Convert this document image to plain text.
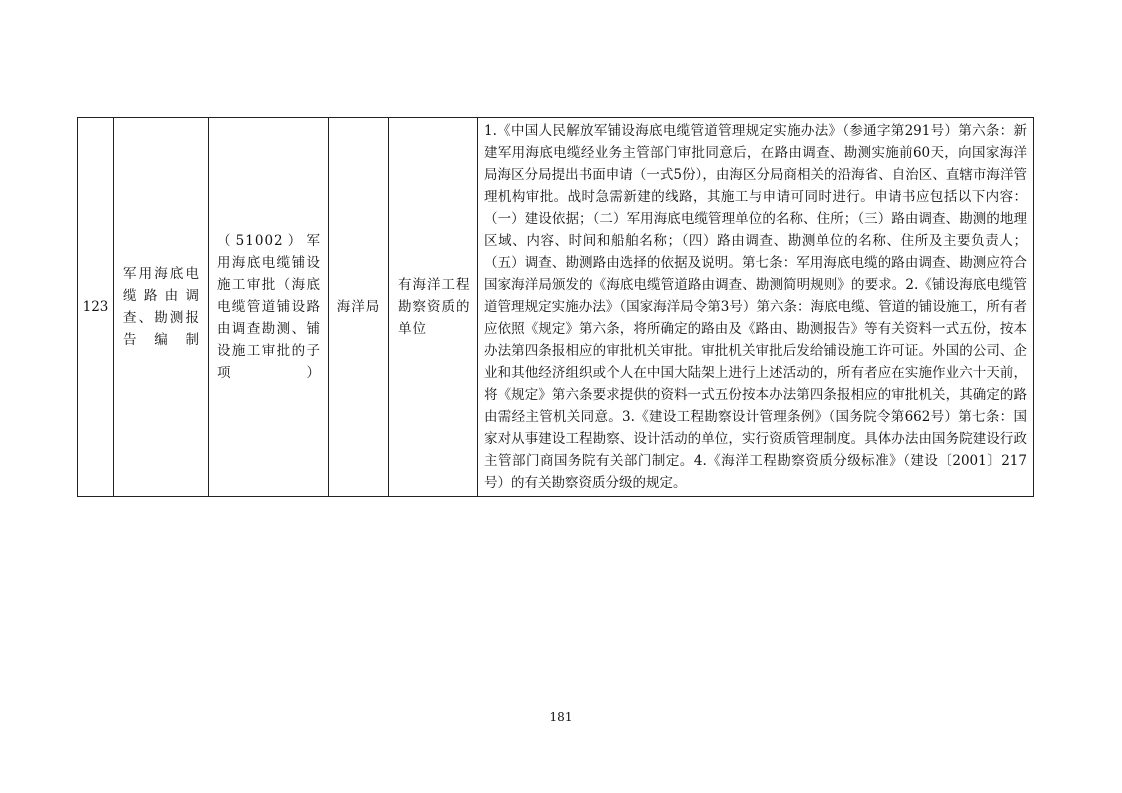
123	军用海底电缆路由调查、勘测报告编制	（51002）军用海底电缆铺设施工审批（海底电缆管道铺设路由调查勘测、铺设施工审批的子项）	海洋局	有海洋工程勘察资质的单位	1.《中国人民解放军铺设海底电缆管道管理规定实施办法》（参通字第291号）第六条：新建军用海底电缆经业务主管部门审批同意后，在路由调查、勘测实施前60天，向国家海洋局海区分局提出书面申请（一式5份），由海区分局商相关的沿海省、自治区、直辖市海洋管理机构审批。战时急需新建的线路，其施工与申请可同时进行。申请书应包括以下内容：（一）建设依据；（二）军用海底电缆管理单位的名称、住所；（三）路由调查、勘测的地理区域、内容、时间和船舶名称；（四）路由调查、勘测单位的名称、住所及主要负责人；（五）调查、勘测路由选择的依据及说明。第七条：军用海底电缆的路由调查、勘测应符合国家海洋局颁发的《海底电缆管道路由调查、勘测简明规则》的要求。2.《铺设海底电缆管道管理规定实施办法》（国家海洋局令第3号）第六条：海底电缆、管道的铺设施工，所有者应依照《规定》第六条，将所确定的路由及《路由、勘测报告》等有关资料一式五份，按本办法第四条报相应的审批机关审批。审批机关审批后发给铺设施工许可证。外国的公司、企业和其他经济组织或个人在中国大陆架上进行上述活动的，所有者应在实施作业六十天前，将《规定》第六条要求提供的资料一式五份按本办法第四条报相应的审批机关，其确定的路由需经主管机关同意。3.《建设工程勘察设计管理条例》（国务院令第662号）第七条：国家对从事建设工程勘察、设计活动的单位，实行资质管理制度。具体办法由国务院建设行政主管部门商国务院有关部门制定。4.《海洋工程勘察资质分级标准》（建设〔2001〕217号）的有关勘察资质分级的规定。
181
